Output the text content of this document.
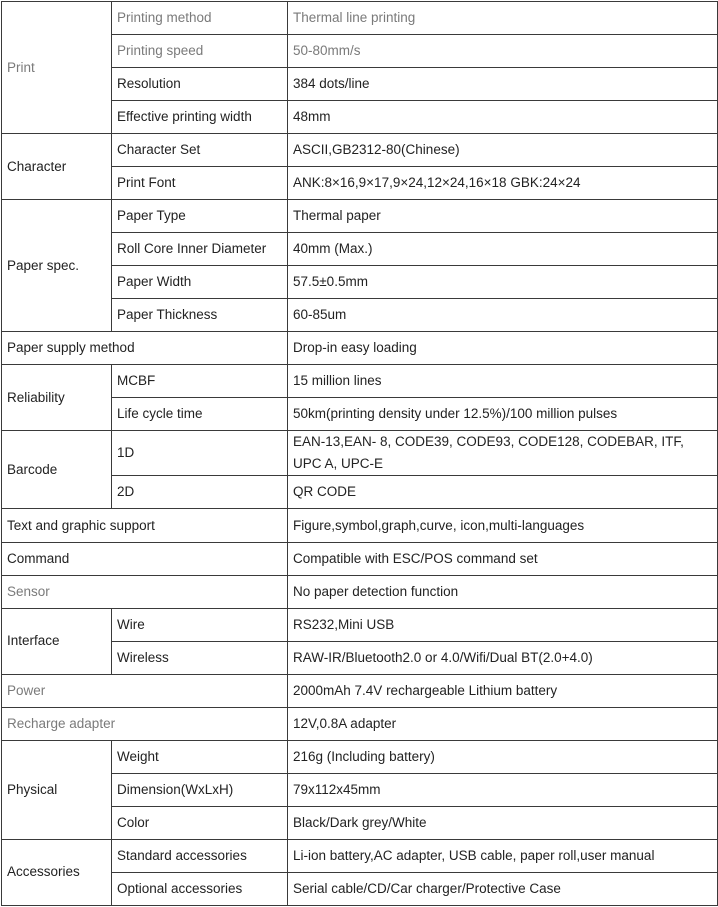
Print	Printing method	Thermal line printing
	Printing speed	50-80mm/s
	Resolution	384 dots/line
	Effective printing width	48mm
Character	Character Set	ASCII,GB2312-80(Chinese)
	Print Font	ANK:8×16,9×17,9×24,12×24,16×18 GBK:24×24
Paper spec.	Paper Type	Thermal paper
	Roll Core Inner Diameter	40mm (Max.)
	Paper Width	57.5±0.5mm
	Paper Thickness	60-85um
Paper supply method		Drop-in easy loading
Reliability	MCBF	15 million lines
	Life cycle time	50km(printing density under 12.5%)/100 million pulses
Barcode	1D	EAN-13,EAN- 8, CODE39, CODE93, CODE128, CODEBAR, ITF, UPC A, UPC-E
	2D	QR CODE
Text and graphic support		Figure,symbol,graph,curve, icon,multi-languages
Command		Compatible with ESC/POS command set
Sensor		No paper detection function
Interface	Wire	RS232,Mini USB
	Wireless	RAW-IR/Bluetooth2.0 or 4.0/Wifi/Dual BT(2.0+4.0)
Power		2000mAh 7.4V rechargeable Lithium battery
Recharge adapter		12V,0.8A adapter
Physical	Weight	216g (Including battery)
	Dimension(WxLxH)	79x112x45mm
	Color	Black/Dark grey/White
Accessories	Standard accessories	Li-ion battery,AC adapter, USB cable, paper roll,user manual
	Optional accessories	Serial cable/CD/Car charger/Protective Case
